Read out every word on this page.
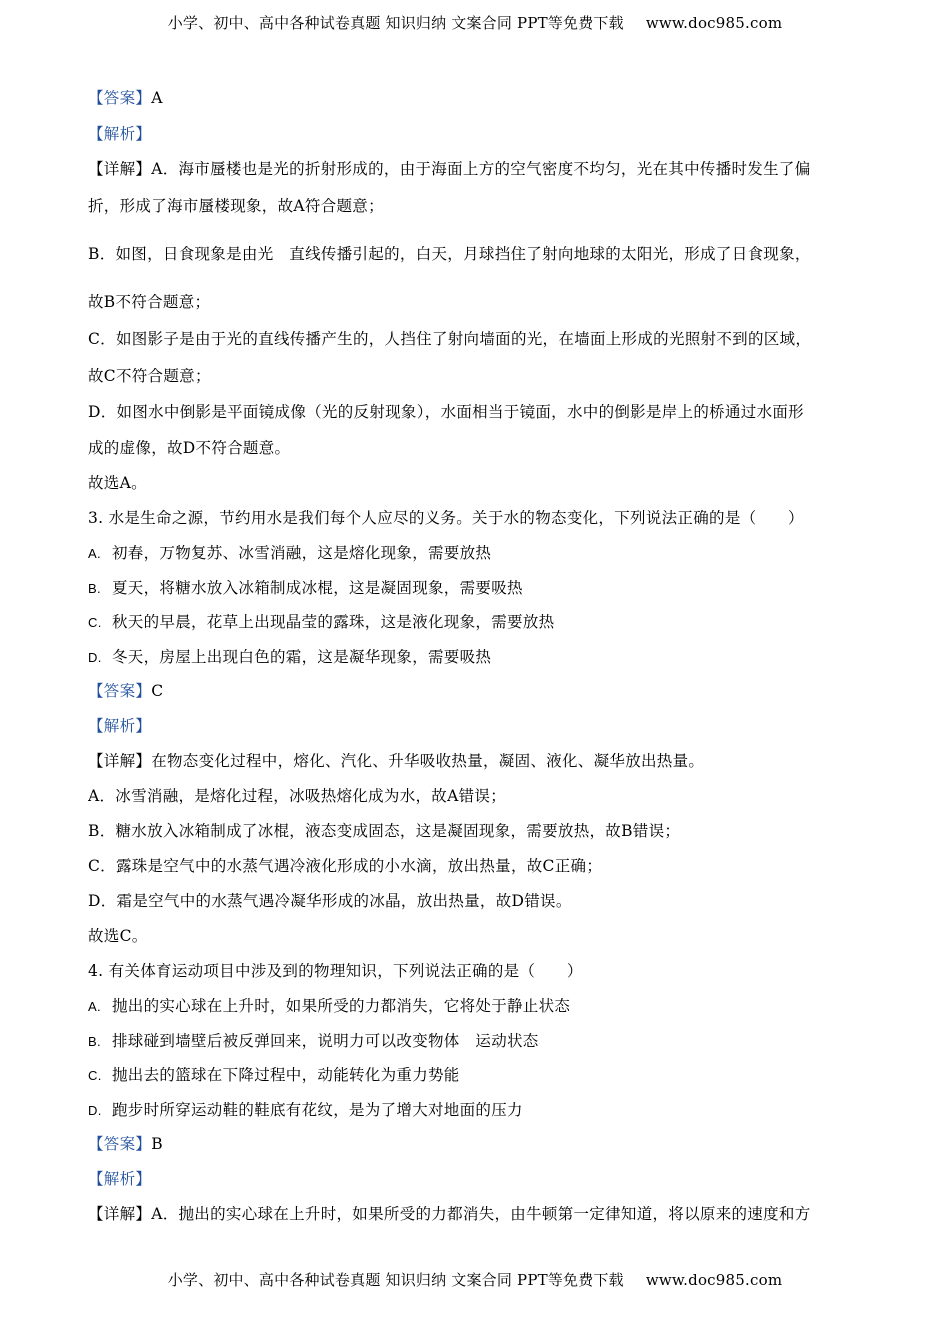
小学、初中、高中各种试卷真题 知识归纳 文案合同 PPT等免费下载 www.doc985.com
【答案】A
【解析】
【详解】A．海市蜃楼也是光的折射形成的，由于海面上方的空气密度不均匀，光在其中传播时发生了偏
折，形成了海市蜃楼现象，故A符合题意；
B．如图，日食现象是由光　直线传播引起的，白天，月球挡住了射向地球的太阳光，形成了日食现象，
故B不符合题意；
C．如图影子是由于光的直线传播产生的，人挡住了射向墙面的光，在墙面上形成的光照射不到的区域，
故C不符合题意；
D．如图水中倒影是平面镜成像（光的反射现象），水面相当于镜面，水中的倒影是岸上的桥通过水面形
成的虚像，故D不符合题意。
故选A。
3. 水是生命之源，节约用水是我们每个人应尽的义务。关于水的物态变化，下列说法正确的是（　　）
A. 初春，万物复苏、冰雪消融，这是熔化现象，需要放热
B. 夏天，将糖水放入冰箱制成冰棍，这是凝固现象，需要吸热
C. 秋天的早晨，花草上出现晶莹的露珠，这是液化现象，需要放热
D. 冬天，房屋上出现白色的霜，这是凝华现象，需要吸热
【答案】C
【解析】
【详解】在物态变化过程中，熔化、汽化、升华吸收热量，凝固、液化、凝华放出热量。
A．冰雪消融，是熔化过程，冰吸热熔化成为水，故A错误；
B．糖水放入冰箱制成了冰棍，液态变成固态，这是凝固现象，需要放热，故B错误；
C．露珠是空气中的水蒸气遇冷液化形成的小水滴，放出热量，故C正确；
D．霜是空气中的水蒸气遇冷凝华形成的冰晶，放出热量，故D错误。
故选C。
4. 有关体育运动项目中涉及到的物理知识，下列说法正确的是（　　）
A. 抛出的实心球在上升时，如果所受的力都消失，它将处于静止状态
B. 排球碰到墙壁后被反弹回来，说明力可以改变物体　运动状态
C. 抛出去的篮球在下降过程中，动能转化为重力势能
D. 跑步时所穿运动鞋的鞋底有花纹，是为了增大对地面的压力
【答案】B
【解析】
【详解】A．抛出的实心球在上升时，如果所受的力都消失，由牛顿第一定律知道，将以原来的速度和方
小学、初中、高中各种试卷真题 知识归纳 文案合同 PPT等免费下载 www.doc985.com
